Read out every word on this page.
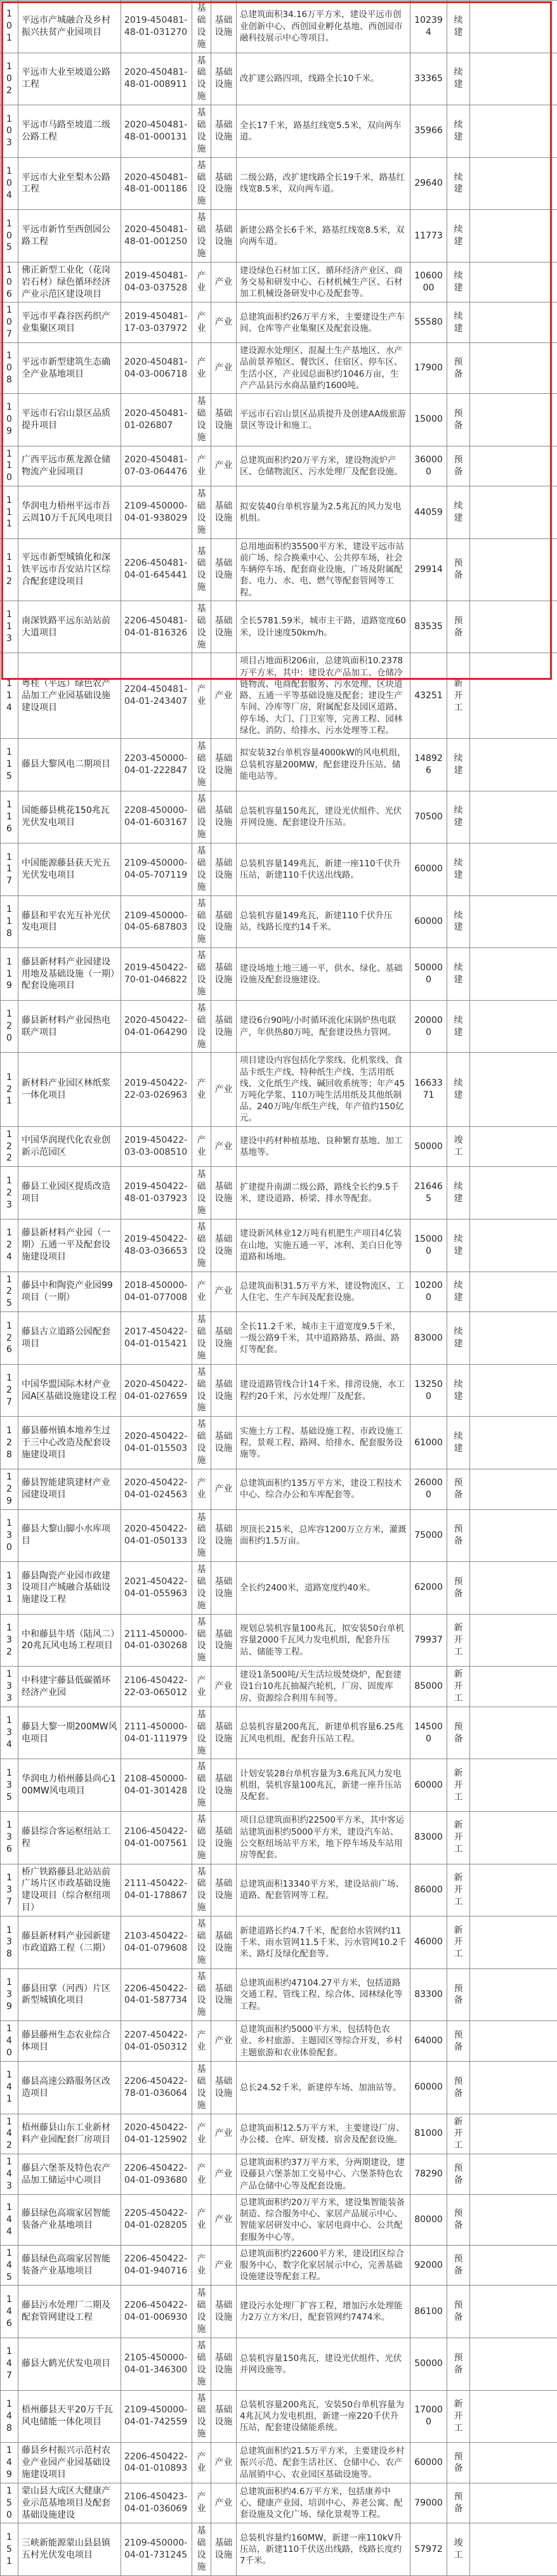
101	平远市产城融合及乡村振兴扶贫产业园项目	2019-450481-48-01-031270	基础设施	基础设施	总建筑面积34.16万平方米，建设平远市创业创新中心、西创园业孵化基地、西创园市融科技展示中心等项目。	102394	续建	
102	平远市大业至坡道公路工程	2020-450481-48-01-008911	基础设施	基础设施	改扩建公路四项，线路全长10千米。	33365	续建	
103	平远市马路至坡道二级公路工程	2020-450481-48-01-000131	基础设施	基础设施	全长17千米，路基红线宽5.5米，双向两车道。	35966	续建	
104	平远市大业至梨木公路工程	2020-450481-48-01-001186	基础设施	基础设施	二级公路，改扩建线路全长19千米，路基红线宽8.5米，双向两车道。	29640	续建	
105	平远市新竹至西创园公路工程	2020-450481-48-01-001250	基础设施	基础设施	新建公路全长6千米，路基红线宽8.5米，双向两车道。	11773	续建	
106	佛正新型工业化（花岗岩石材）绿色循环经济产业示范区建设项目	2019-450481-04-03-037528	产业	产业	建设绿色石材加工区、循环经济产业区、商务交易和研发中心、石材机械生产区、石材加工机械设备研发中心及配套等。	1060000	续建	
107	平远市平森谷医药织产业集聚区项目	2019-450481-17-03-037972	产业	产业	总建筑面积约26万平方米，主要建设生产车间、仓库等产业集聚区及配套设施。	55580	续建	
108	平远市新型建筑生态确全产业基地项目	2020-450481-04-03-006718	产业	产业	建设源水处理区、混凝土生产基地区、水产品前景养殖区、餐饮区、住宿区、停车区、生活小区，产业园总面积约1046万亩，生产产品县污水商品量约1600吨。	17900	预备	
109	平远市石宕山景区品质提升项目	2020-450481-01-026807	基础设施	基础设施	平远市石宕山景区品质提升及创建AA级旅游景区等设计和施工。	15000	预备	
110	广西平远市蕉龙源仓储物流产业园项目	2020-450481-07-03-064476	产业	产业	总建筑面积约20万平方米，建设物流炉产区、仓储物流区、污水处理厂及配套设施。	360000	预备	
111	华润电力梧州平远市吾云周10万千瓦风电项目	2109-450000-04-01-938029	基础设施	基础设施	拟安装40台单机容量为2.5兆瓦的风力发电机组。	44059	续建	
112	平远市新型城镇化和深铁平远市吾安站片区综合配套建设项目	2206-450481-04-01-645441	基础设施	基础设施	总用地面积约35500平方米，建设平远市站前广场、综合换乘中心、公共停车场，社会车辆停车场、配套商业设施，广场及附属配套、电力、水、电、燃气等配套管网等工程。	29914	预备	
113	南深铁路平远东站站前大道项目	2206-450481-04-01-816326	基础设施	基础设施	全长5781.59米，城市主干路，道路宽度60米，设计速度50km/h。	83535	预备	
114	粤桂（平远）绿色农产品加工产业园基础设施建设项目	2204-450481-04-01-243407	产业	产业	项目占地面积206亩，总建筑面积10.2378万平方米，其中：建设农产品加工、仓储冷链物流、电商配套服务、污水处理、区块道路、五通一平等基础设施及配套；建设生产车间、冷库等厂房，附属配套及园区道路、停车场、大门、门卫室等，完善工程、园林绿化、消防、给排水、污水处理等工程。	43251	新开工	
115	藤县大黎风电二期项目	2203-450000-04-01-222847	基础设施	基础设施	拟安装32台单机容量4000kW的风电机组，总装机容量200MW，配套建设升压站、储能电站等。	148926	续建	
116	国能藤县桃花150兆瓦光伏发电项目	2208-450000-04-01-603167	基础设施	基础设施	总装机容量150兆瓦，建设光伏组件、光伏并网设施、配套建设升压站。	70500	续建	
117	中国能源藤县获天光五光伏发电项目	2109-450000-04-05-707119	基础设施	基础设施	总装机容量149兆瓦，新建一座110千伏升压站，新建110千伏送出线路。	60000	续建	
118	藤县和平农光互补光伏发电项目	2109-450000-04-05-687803	基础设施	基础设施	总装机容量149兆瓦，新建110千伏升压站，线路长度约14千米。	60000	续建	
119	藤县新材料产业园建设用地及基础设施（一期）配套设施项目	2019-450422-70-01-046822	基础设施	基础设施	建设场地土地三通一平，供水、绿化、基础设施及配套设施建设。	500000	续建	
120	藤县新材料产业园热电联产项目	2020-450422-04-01-064290	基础设施	基础设施	建设6台90吨/小时循环流化床锅炉热电联产，年供热80万吨，配套建设热力管网。	200000	续建	
121	新材料产业园区林纸浆一体化项目	2019-450422-22-03-026963	产业	产业	项目建设内容包括化学浆线、化机浆线、食品卡纸生产线、特种纸生产线、生活用纸线、文化纸生产线、碱回收系统等；年产45万吨化学浆、110万吨生活用纸及其他纸制品、240万吨/年纸生产线，年产值约150亿元。	1663371	续建	
122	中国华润现代化农业创新示范园区	2019-450422-03-03-008510	产业	产业	建设中药材种植基地、良种繁育基地、加工基地等。	50000	竣工	
123	藤县工业园区提质改造项目	2019-450422-48-01-037923	基础设施	基础设施	扩建提升南湖二级公路，路线全长约9.5千米，建设道路、桥梁、排水等配套。	216465	续建	
124	藤县新材料产业园（一期）五通一平及配套设施建设项目	2019-450422-48-03-036653	基础设施	基础设施	建设新风林业12万吨有机肥生产项目4亿装在山地，实施五通一平，冰利、美白日化等道路和场地。	150000	续建	
125	藤县中和陶瓷产业园99项目（一期）	2018-450000-04-01-077008	产业	产业	总建筑面积31.5万平方米，建设物流区、工人住宅、生产车间及配套设施。	102000	续建	
126	藤县古立道路公园配套项目	2017-450422-04-01-015421	基础设施	基础设施	全长11.2千米，城市主干道宽度9.5千米，一级公路9千米，其中道路路基、路面、路灯等配套。	83000	续建	
127	中国华盟国际木材产业园A区基础设施建设工程	2020-450422-04-01-027659	基础设施	基础设施	建设道路管线合计14千米、排涝设施，水工程约20千米，污水处理厂及配套。	132500	续建	
128	藤县藤州镇本地养生过于三中心改造及配套设施建设项目	2020-450422-04-01-015503	基础设施	基础设施	实施土方工程、基础设施工程、市政设施工程，景观工程、路网、给排水、配套服务设施等。	61000	续建	
129	藤县智能建筑建材产业园建设项目	2020-450422-04-01-024563	产业	产业	总建筑面积约135万平方米，建设工程技术中心、综合办公和车库配套等。	260000	预备	
130	藤县大黎山脚小水库项目	2020-450422-04-01-050133	基础设施	基础设施	坝顶长215米，总库容1200万立方米，灌溉面积约1.5万亩。	75000	预备	
131	藤县陶瓷产业园市政建设项目产城融合基础设施建设工程	2021-450422-04-01-055963	基础设施	基础设施	全长约2400米，道路宽度约40米。	62000	预备	
132	中和藤县牛塔（陆风二）20兆瓦风电场工程项目	2111-450000-04-01-030268	基础设施	基础设施	规划总装机容量100兆瓦，拟安装50台单机容量2000千瓦风力发电机组，配套升压站、储能等工程。	79937	新开工	
133	中科建宇藤县低碳循环经济产业园	2106-450422-22-03-065012	产业	产业	建设1条500吨/天生活垃圾焚烧炉，配套建设1台10兆瓦抽凝汽轮机，厂房、固废库房、资源综合利用车间等。	85000	新开工	
134	藤县大黎一期200MW风电项目	2111-450000-04-01-111979	基础设施	基础设施	总装机容量200兆瓦，新建单机容量6.25兆瓦风电机组，配套升压站工程。	145000	预备	
135	华润电力梧州藤县尚心100MW风电项目	2108-450000-04-01-301428	基础设施	基础设施	计划安装28台单机容量为3.6兆瓦风力发电机组，装机容量100兆瓦，新建一座升压站及配套。	60000	新开工	
136	藤县综合客运枢纽站工程	2106-450422-04-01-007561	基础设施	基础设施	项目总建筑面积约22500平方米，其中客运站建筑面积约5000平方米，建设汽车站、公交枢纽场站平方米，地下停车场及车站用房等配套。	83000	新开工	
137	桥广铁路藤县北站站前广场片区市政基础设施建设项目（综合枢纽项目）	2111-450422-04-01-178867	基础设施	基础设施	总建筑面积13340平方米，建设站前广场、道路、配套管网等工程。	86000	新开工	
138	藤县新材料产业园新建市政道路工程（二期）	2103-450422-04-01-079608	基础设施	基础设施	新建道路长约4.7千米，配套给水管网约11千米、雨水管网11.5千米、污水管网10.2千米、路灯及绿化配套等。	46000	新开工	
139	藤县田掌（河西）片区新型城镇化项目	2206-450422-04-01-587734	基础设施	基础设施	总建筑面积约47104.27平方米，包括道路交通工程、管线工程、综合体、园林绿化等工程。	83300	预备	
140	藤县藤州生态农业综合体项目	2207-450422-04-01-050312	产业	产业	总建筑面积约5000平方米，包括特色农业、乡村旅游、主题园区等综合开发，乡村主题旅游和农业体验配套。	64000	预备	
141	藤县高速公路服务区改造项目	2206-450422-78-01-036064	基础设施	基础设施	总长24.52千米，新建停车场、加油站等。	60000	预备	
142	梧州藤县山东工业新材料产业园配套厂房项目	2020-450422-04-01-125902	产业	产业	总建筑面积12.5万平方米，主要建设厂房、办公楼、仓库、研发楼、宿舍及配套设施。	81000	新开工	
143	藤县六堡茶及特色农产品加工储运中心项目	2206-450422-04-01-093680	产业	产业	总建筑面积约37万平方米，分两期建设，建设藤县六堡茶加工交易中心、六堡茶特色农产品仓储中心等及配套设施。	78290	预备	
144	藤县绿色高端家居智能装备产业基地项目	2205-450422-04-01-028205	产业	产业	总建筑面积约20万平方米，建设集智能装备制造、综合服务中心、家居产品展示中心、智能家居研发中心、家居电商中心、公共配套服务中心等。	80000	预备	
145	藤县绿色高端家居智能装备产业基地项目	2206-450422-04-01-940716	产业	产业	总建筑面积约22600平方米，建设团区综合服务中心，数字化家居展示中心，完善基础设施建设等配套工程。	92000	预备	
146	藤县污水处理厂二期及配套管网建设工程	2206-450422-04-01-006930	基础设施	基础设施	建设污水处理厂扩容工程，增加污水处理能力2万立方米/日，配套管网约7474米。	86100	预备	
147	藤县大鹤光伏发电项目	2105-450000-04-01-346300	基础设施	基础设施	总装机容量150兆瓦，建设光伏组件、光伏并网设施等。	50000	预备	
148	梧州藤县天平20万千瓦风电储能一体化项目	2109-450000-04-01-742559	基础设施	基础设施	总装机容量200兆瓦，安装50台单机容量为4兆瓦风力发电机组，新建一座220千伏升压站，配套建设储能系统。	170000	新开工	
149	藤县乡村振兴示范村农业产业园产业园基础设施建设项目	2206-450422-04-01-010893	产业	产业	总建筑面积约21.5万平方米，主要建设乡村振兴示范、配套生活社区、仓储中心、农产品展销中心、农业园区基础设施等。	60000	预备	
150	蒙山县大成区大健康产业示范基地项目及配套基础设施建设	2106-450423-04-01-036069	产业	产业	总建筑面积约4.6万平方米，包括康养中心、健康产业园、培训中心、养老公寓、配套设施及文化广场、绿化景观等工程。	79000	预备	
151	三峡新能源蒙山县县镇五村光伏发电项目	2109-450000-04-01-731245	基础设施	基础设施	总装机容量约160MW，新建一座110kV升压站，新建110千伏送出线路，线路长度约7千米。	57972	竣工	
